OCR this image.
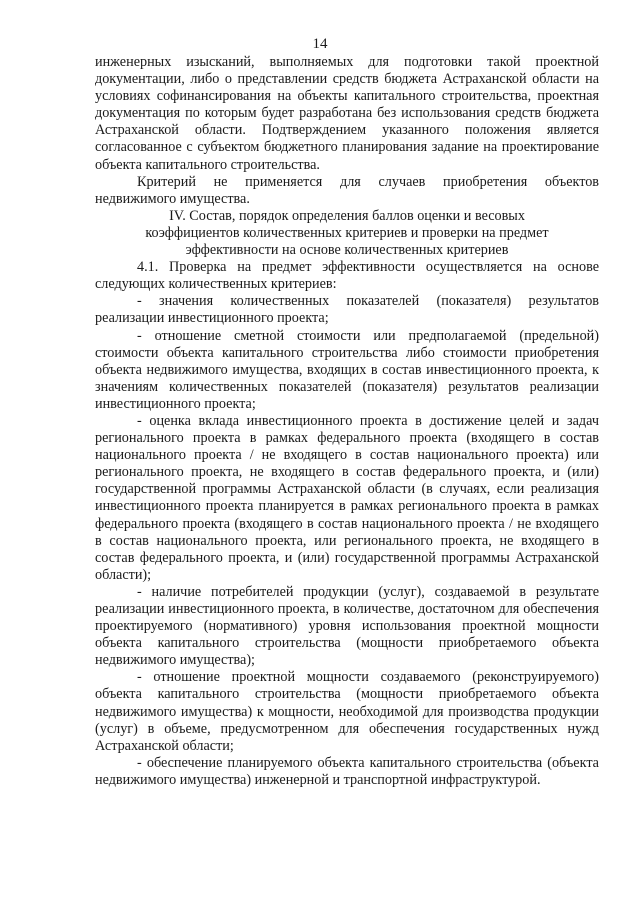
14

инженерных изысканий, выполняемых для подготовки такой проектной документации, либо о представлении средств бюджета Астраханской области на условиях софинансирования на объекты капитального строительства, проектная документация по которым будет разработана без использования средств бюджета Астраханской области. Подтверждением указанного положения является согласованное с субъектом бюджетного планирования задание на проектирование объекта капитального строительства.

Критерий не применяется для случаев приобретения объектов недвижимого имущества.

IV. Состав, порядок определения баллов оценки и весовых

коэффициентов количественных критериев и проверки на предмет

эффективности на основе количественных критериев

4.1. Проверка на предмет эффективности осуществляется на основе следующих количественных критериев:

- значения количественных показателей (показателя) результатов реализации инвестиционного проекта;

- отношение сметной стоимости или предполагаемой (предельной) стоимости объекта капитального строительства либо стоимости приобретения объекта недвижимого имущества, входящих в состав инвестиционного проекта, к значениям количественных показателей (показателя) результатов реализации инвестиционного проекта;

- оценка вклада инвестиционного проекта в достижение целей и задач регионального проекта в рамках федерального проекта (входящего в состав национального проекта / не входящего в состав национального проекта) или регионального проекта, не входящего в состав федерального проекта, и (или) государственной программы Астраханской области (в случаях, если реализация инвестиционного проекта планируется в рамках регионального проекта в рамках федерального проекта (входящего в состав национального проекта / не входящего в состав национального проекта, или регионального проекта, не входящего в состав федерального проекта, и (или) государственной программы Астраханской области);

- наличие потребителей продукции (услуг), создаваемой в результате реализации инвестиционного проекта, в количестве, достаточном для обеспечения проектируемого (нормативного) уровня использования проектной мощности объекта капитального строительства (мощности приобретаемого объекта недвижимого имущества);

- отношение проектной мощности создаваемого (реконструируемого) объекта капитального строительства (мощности приобретаемого объекта недвижимого имущества) к мощности, необходимой для производства продукции (услуг) в объеме, предусмотренном для обеспечения государственных нужд Астраханской области;

- обеспечение планируемого объекта капитального строительства (объекта недвижимого имущества) инженерной и транспортной инфраструктурой.
